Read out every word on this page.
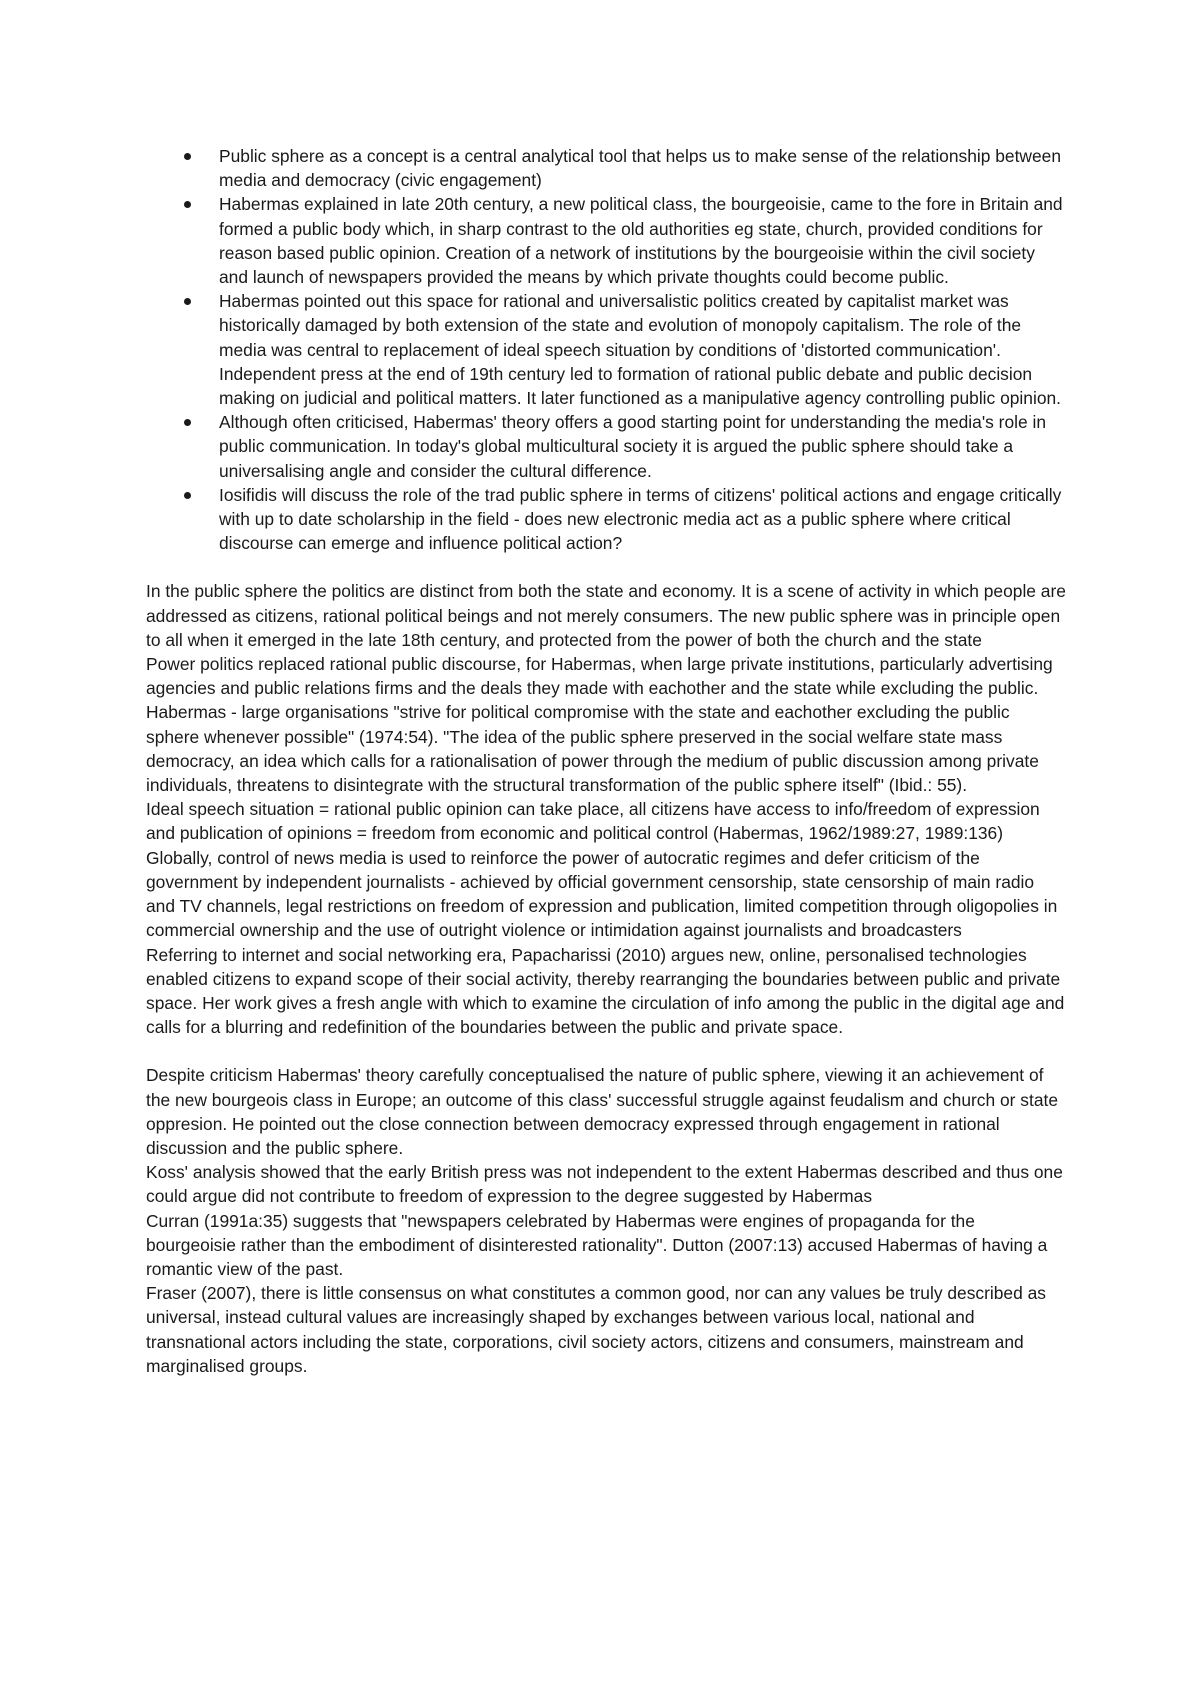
Public sphere as a concept is a central analytical tool that helps us to make sense of the relationship between media and democracy (civic engagement)
Habermas explained in late 20th century, a new political class, the bourgeoisie, came to the fore in Britain and formed a public body which, in sharp contrast to the old authorities eg state, church, provided conditions for reason based public opinion. Creation of a network of institutions by the bourgeoisie within the civil society and launch of newspapers provided the means by which private thoughts could become public.
Habermas pointed out this space for rational and universalistic politics created by capitalist market was historically damaged by both extension of the state and evolution of monopoly capitalism. The role of the media was central to replacement of ideal speech situation by conditions of 'distorted communication'. Independent press at the end of 19th century led to formation of rational public debate and public decision making on judicial and political matters. It later functioned as a manipulative agency controlling public opinion.
Although often criticised, Habermas' theory offers a good starting point for understanding the media's role in public communication. In today's global multicultural society it is argued the public sphere should take a universalising angle and consider the cultural difference.
Iosifidis will discuss the role of the trad public sphere in terms of citizens' political actions and engage critically with up to date scholarship in the field - does new electronic media act as a public sphere where critical discourse can emerge and influence political action?

In the public sphere the politics are distinct from both the state and economy. It is a scene of activity in which people are addressed as citizens, rational political beings and not merely consumers. The new public sphere was in principle open to all when it emerged in the late 18th century, and protected from the power of both the church and the state

Power politics replaced rational public discourse, for Habermas, when large private institutions, particularly advertising agencies and public relations firms and the deals they made with eachother and the state while excluding the public. Habermas - large organisations "strive for political compromise with the state and eachother excluding the public sphere whenever possible" (1974:54). "The idea of the public sphere preserved in the social welfare state mass democracy, an idea which calls for a rationalisation of power through the medium of public discussion among private individuals, threatens to disintegrate with the structural transformation of the public sphere itself" (Ibid.: 55).

Ideal speech situation = rational public opinion can take place, all citizens have access to info/freedom of expression and publication of opinions = freedom from economic and political control (Habermas, 1962/1989:27, 1989:136)

Globally, control of news media is used to reinforce the power of autocratic regimes and defer criticism of the government by independent journalists - achieved by official government censorship, state censorship of main radio and TV channels, legal restrictions on freedom of expression and publication, limited competition through oligopolies in commercial ownership and the use of outright violence or intimidation against journalists and broadcasters

Referring to internet and social networking era, Papacharissi (2010) argues new, online, personalised technologies enabled citizens to expand scope of their social activity, thereby rearranging the boundaries between public and private space. Her work gives a fresh angle with which to examine the circulation of info among the public in the digital age and calls for a blurring and redefinition of the boundaries between the public and private space.

Despite criticism Habermas' theory carefully conceptualised the nature of public sphere, viewing it an achievement of the new bourgeois class in Europe; an outcome of this class' successful struggle against feudalism and church or state oppresion. He pointed out the close connection between democracy expressed through engagement in rational discussion and the public sphere.

Koss' analysis showed that the early British press was not independent to the extent Habermas described and thus one could argue did not contribute to freedom of expression to the degree suggested by Habermas

Curran (1991a:35) suggests that "newspapers celebrated by Habermas were engines of propaganda for the bourgeoisie rather than the embodiment of disinterested rationality". Dutton (2007:13) accused Habermas of having a romantic view of the past.

Fraser (2007), there is little consensus on what constitutes a common good, nor can any values be truly described as universal, instead cultural values are increasingly shaped by exchanges between various local, national and transnational actors including the state, corporations, civil society actors, citizens and consumers, mainstream and marginalised groups.
